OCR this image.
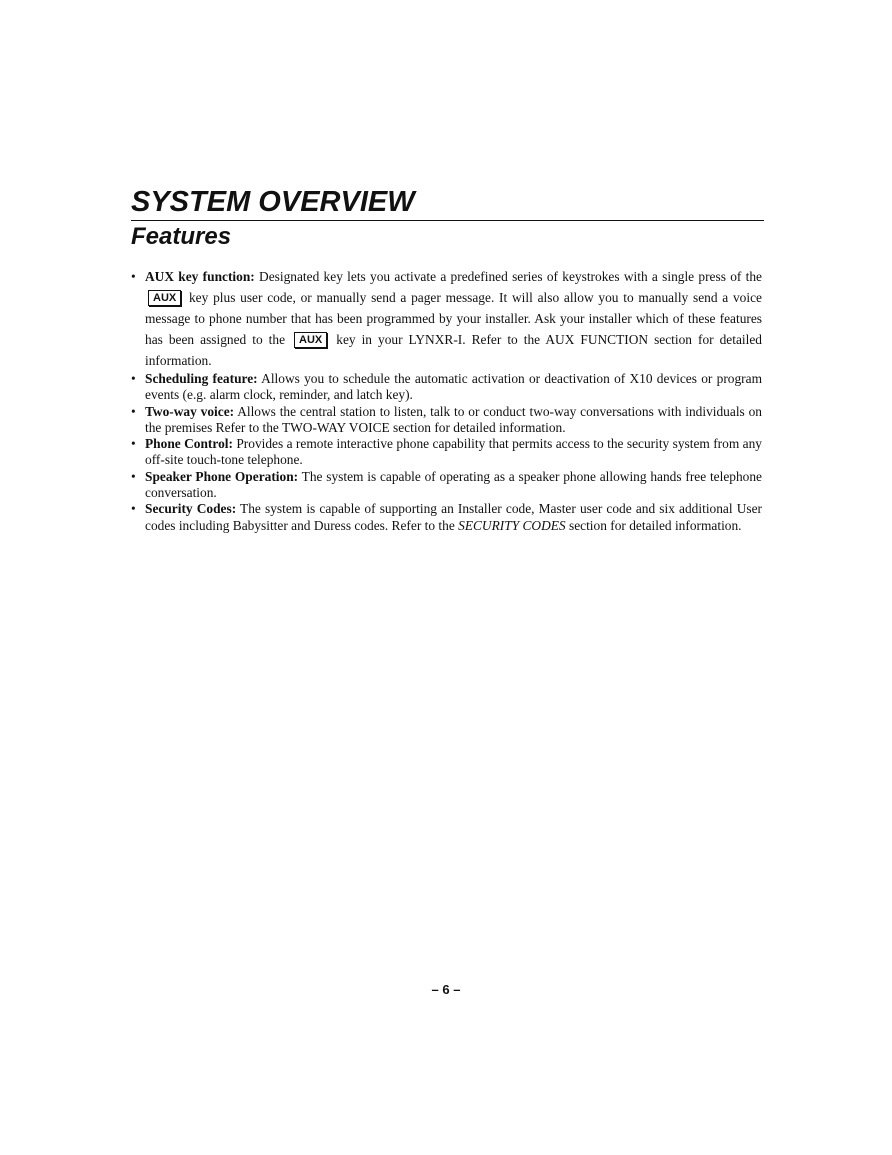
SYSTEM OVERVIEW
Features
• AUX key function: Designated key lets you activate a predefined series of keystrokes with a single press of the AUX key plus user code, or manually send a pager message. It will also allow you to manually send a voice message to phone number that has been programmed by your installer. Ask your installer which of these features has been assigned to the AUX key in your LYNXR-I. Refer to the AUX FUNCTION section for detailed information.
• Scheduling feature: Allows you to schedule the automatic activation or deactivation of X10 devices or program events (e.g. alarm clock, reminder, and latch key).
• Two-way voice: Allows the central station to listen, talk to or conduct two-way conversations with individuals on the premises Refer to the TWO-WAY VOICE section for detailed information.
• Phone Control: Provides a remote interactive phone capability that permits access to the security system from any off-site touch-tone telephone.
• Speaker Phone Operation: The system is capable of operating as a speaker phone allowing hands free telephone conversation.
• Security Codes: The system is capable of supporting an Installer code, Master user code and six additional User codes including Babysitter and Duress codes. Refer to the SECURITY CODES section for detailed information.
– 6 –
